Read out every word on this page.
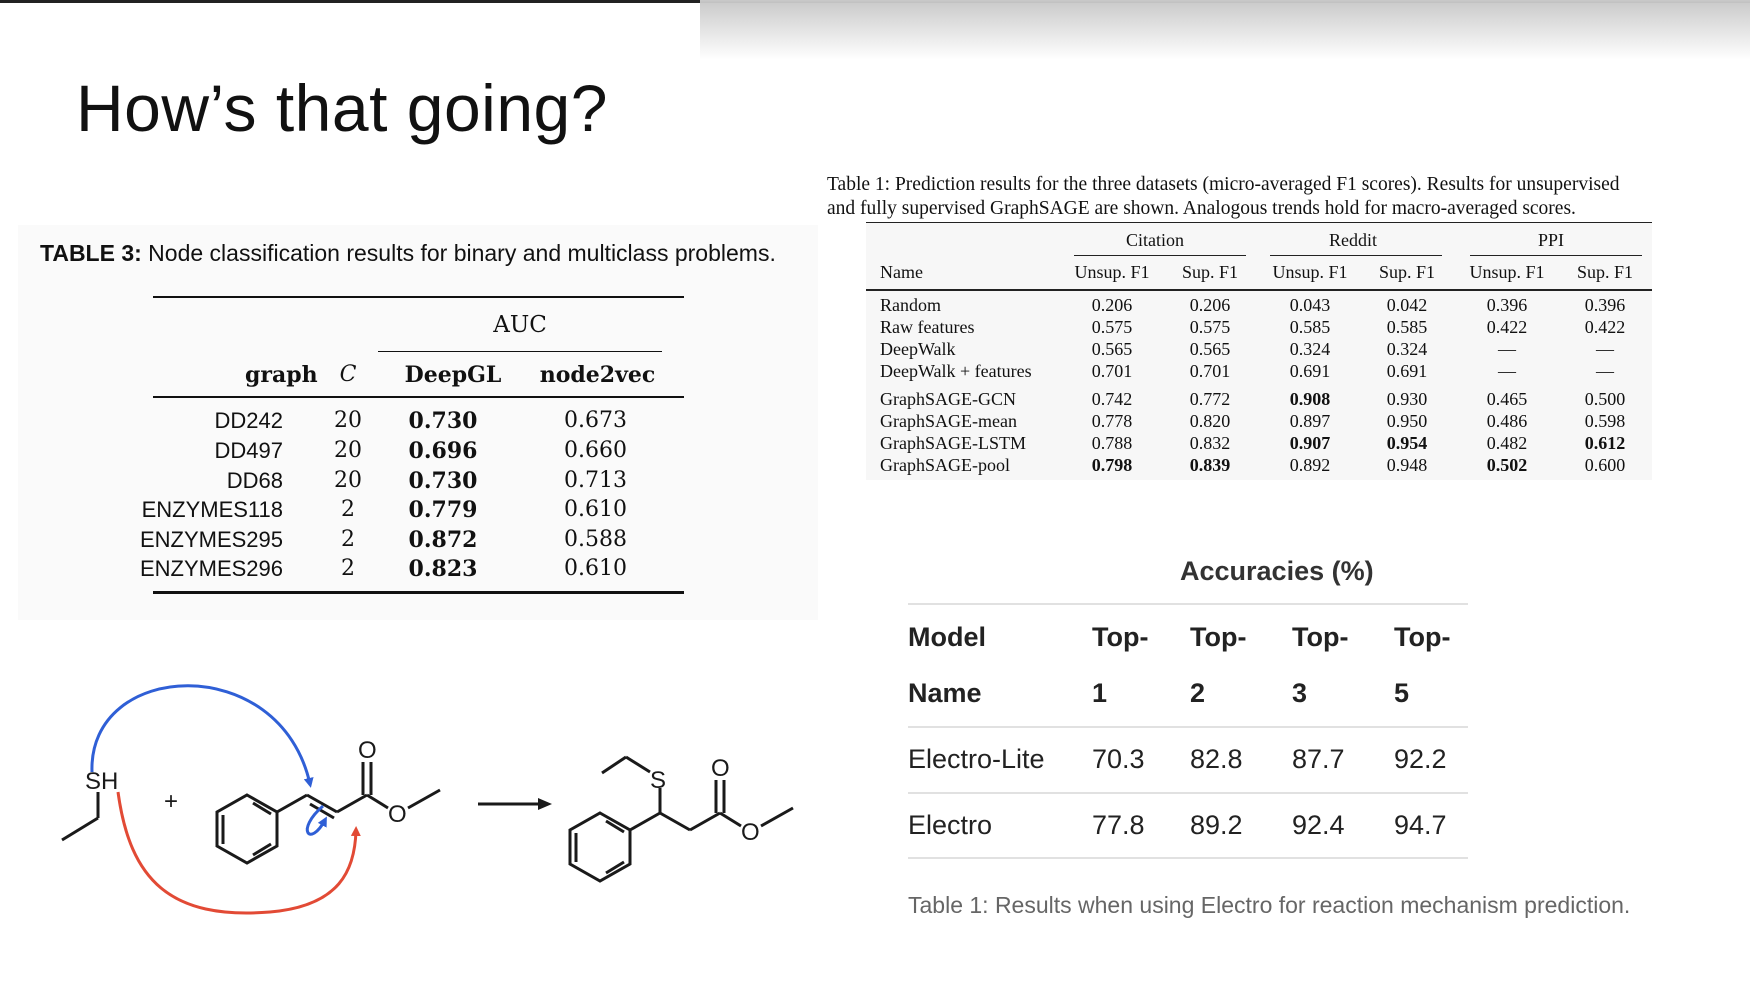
How’s that going?
TABLE 3: Node classification results for binary and multiclass problems.
AUC
graph C	DeepGL	node2vec
DD242 20	0.730	0.673
DD497 20	0.696	0.660
DD68 20	0.730	0.713
ENZYMES118	2	0.779	0.610
ENZYMES295	2	0.872	0.588
ENZYMES296	2	0.823	0.610
Table 1: Prediction results for the three datasets (micro-averaged F1 scores). Results for unsupervised
and fully supervised GraphSAGE are shown. Analogous trends hold for macro-averaged scores.
Citation	Reddit	PPI
Name	Unsup. F1	Sup. F1	Unsup. F1	Sup. F1	Unsup. F1	Sup. F1
Random	0.206	0.206	0.043	0.042	0.396	0.396
Raw features	0.575	0.575	0.585	0.585	0.422	0.422
DeepWalk	0.565	0.565	0.324	0.324	—	—
DeepWalk + features	0.701	0.701	0.691	0.691	—	—
GraphSAGE-GCN	0.742	0.772	0.908	0.930	0.465	0.500
GraphSAGE-mean	0.778	0.820	0.897	0.950	0.486	0.598
GraphSAGE-LSTM	0.788	0.832	0.907	0.954	0.482	0.612
GraphSAGE-pool	0.798	0.839	0.892	0.948	0.502	0.600
Accuracies (%)
Model	Top- Top- Top- Top-
Name	1	2	3	5
Electro-Lite 70.3 82.8 87.7 92.2
Electro	77.8 89.2 92.4 94.7
Table 1: Results when using Electro for reaction mechanism prediction.
SH
+
O
O
S O
O
